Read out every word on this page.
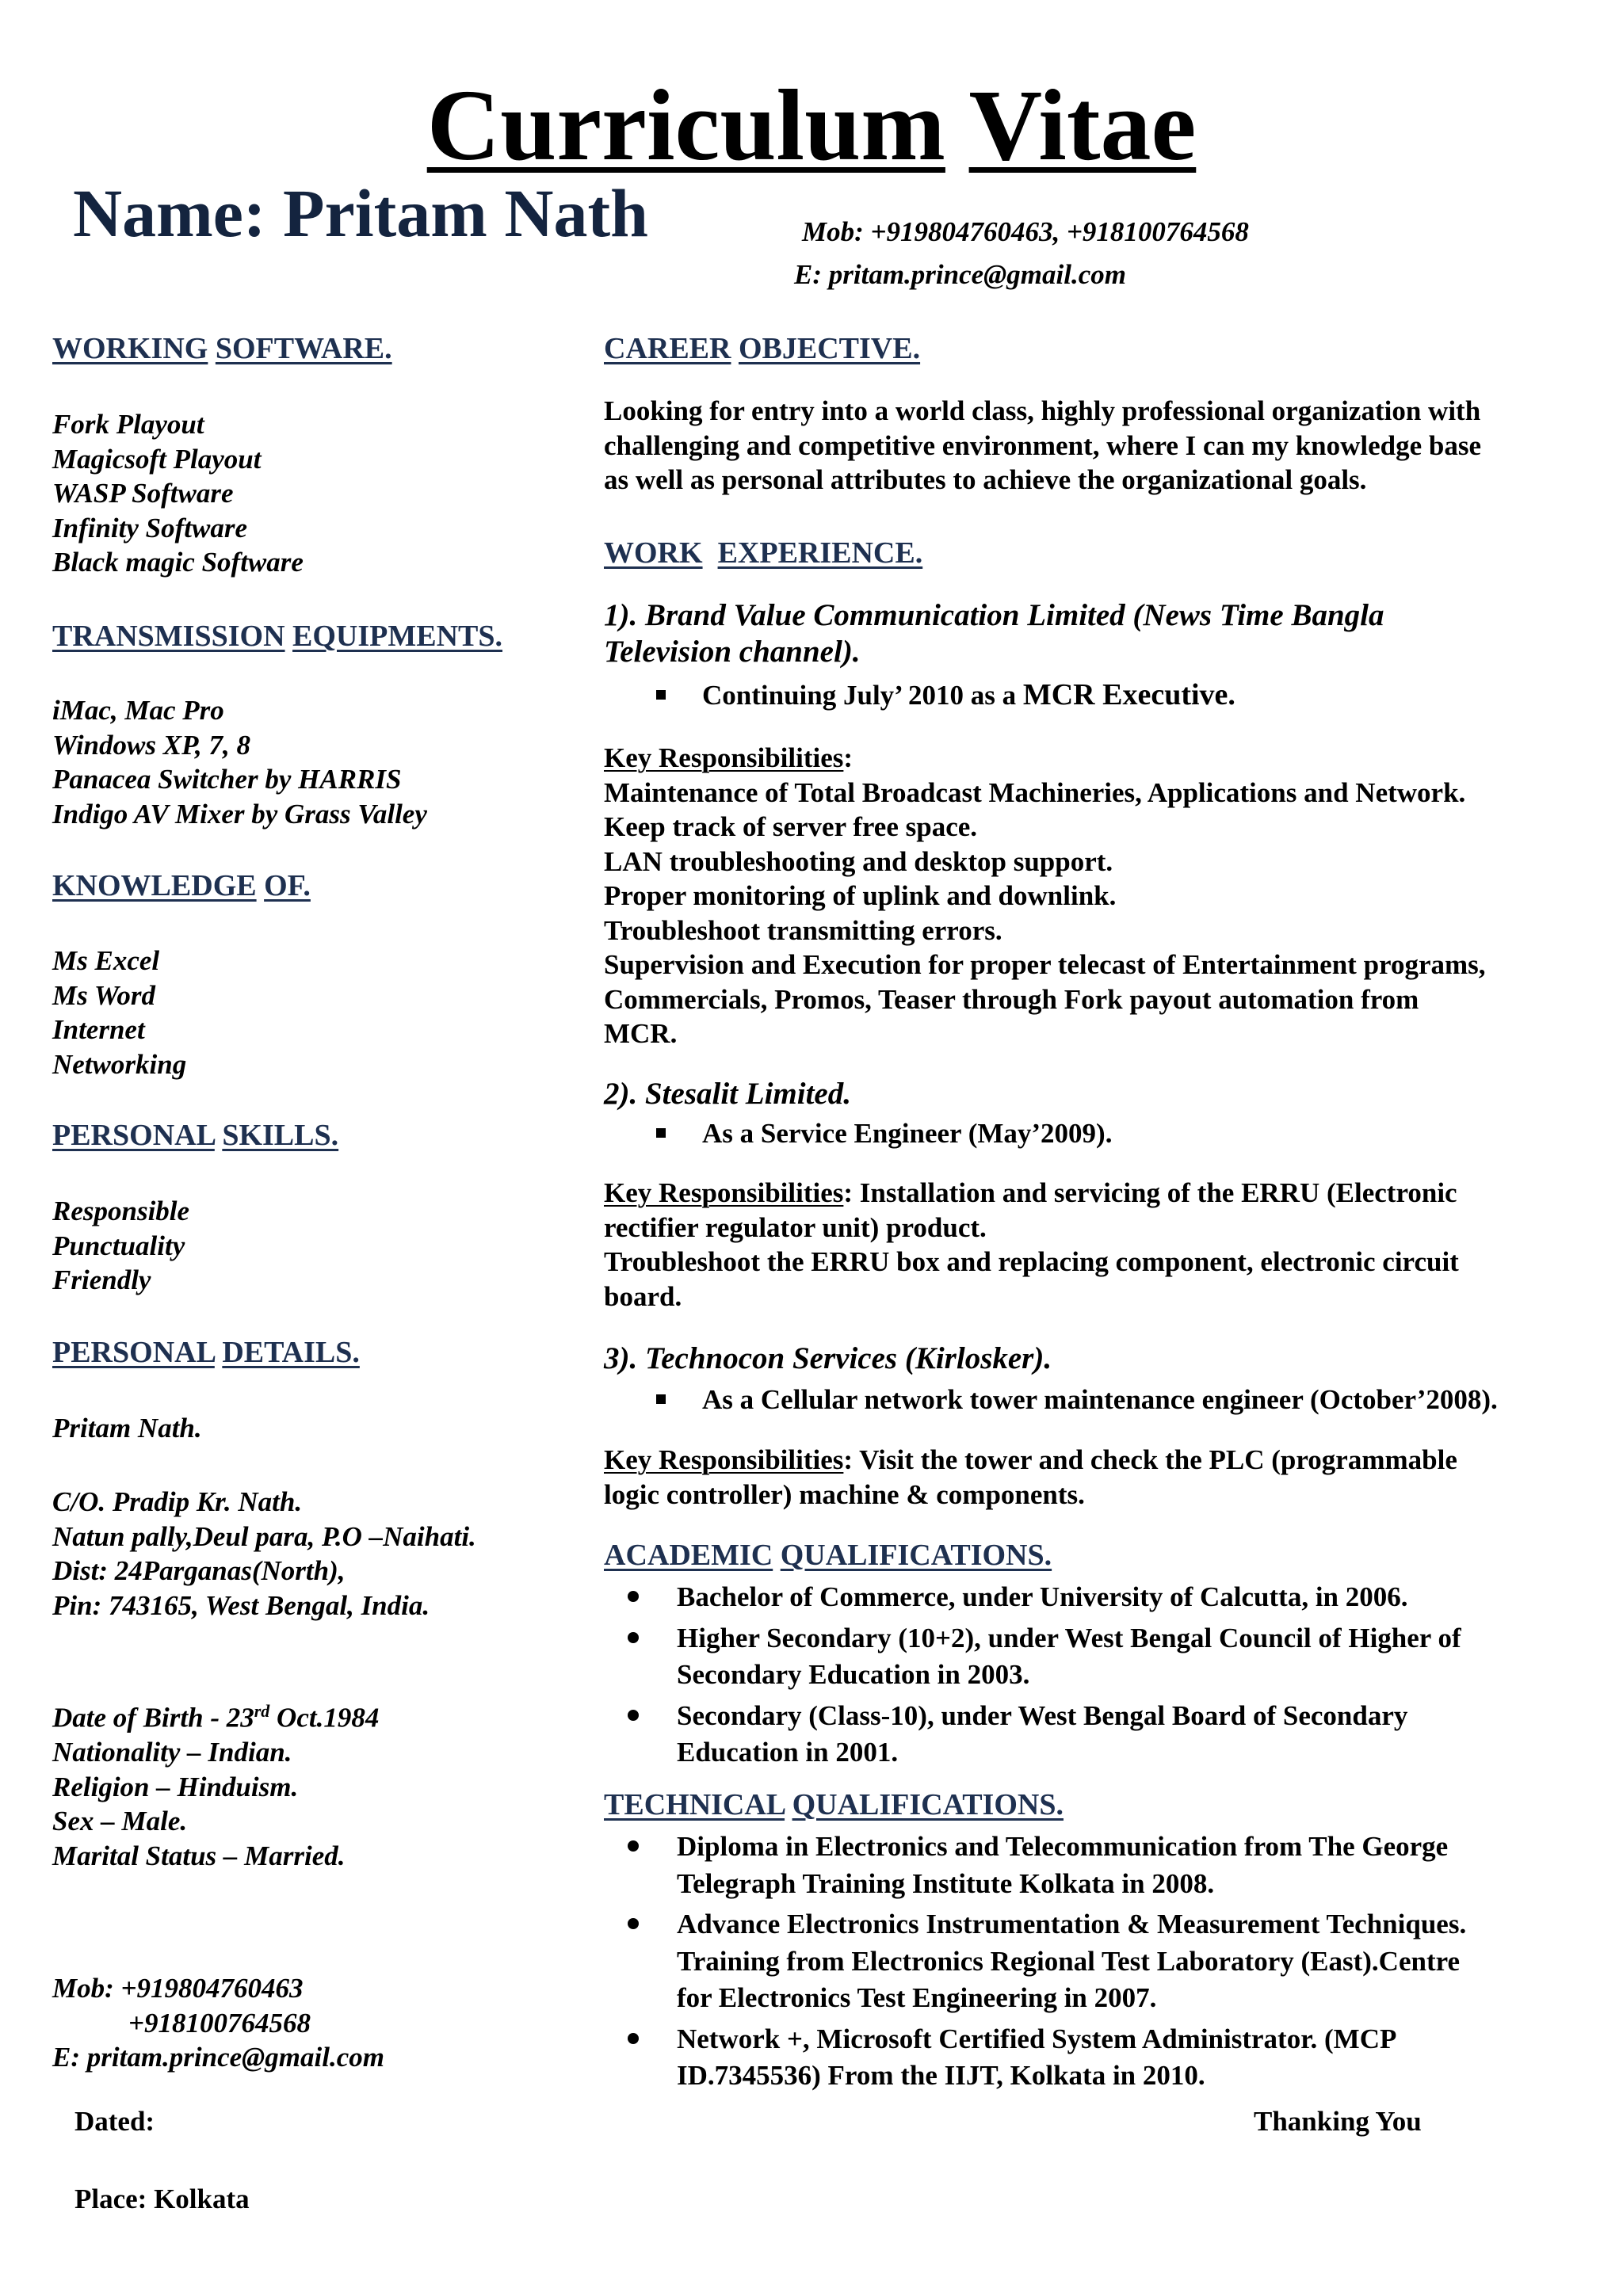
Curriculum Vitae
Name: Pritam Nath	Mob: +919804760463, +918100764568
E: pritam.prince@gmail.com
WORKING SOFTWARE.
Fork Playout
Magicsoft Playout
WASP Software
Infinity Software
Black magic Software
TRANSMISSION EQUIPMENTS.
iMac, Mac Pro
Windows XP, 7, 8
Panacea Switcher by HARRIS
Indigo AV Mixer by Grass Valley
KNOWLEDGE OF.
Ms Excel
Ms Word
Internet
Networking
PERSONAL SKILLS.
Responsible
Punctuality
Friendly
PERSONAL DETAILS.
Pritam Nath.
C/O. Pradip Kr. Nath.
Natun pally,Deul para, P.O –Naihati.
Dist: 24Parganas(North),
Pin: 743165, West Bengal, India.
Date of Birth - 23rd Oct.1984
Nationality – Indian.
Religion – Hinduism.
Sex – Male.
Marital Status – Married.
Mob: +919804760463
+918100764568
E: pritam.prince@gmail.com
CAREER OBJECTIVE.
Looking for entry into a world class, highly professional organization with
challenging and competitive environment, where I can my knowledge base
as well as personal attributes to achieve the organizational goals.
WORK EXPERIENCE.
1). Brand Value Communication Limited (News Time Bangla
Television channel).
Continuing July’ 2010 as a MCR Executive.
Key Responsibilities:
Maintenance of Total Broadcast Machineries, Applications and Network.
Keep track of server free space.
LAN troubleshooting and desktop support.
Proper monitoring of uplink and downlink.
Troubleshoot transmitting errors.
Supervision and Execution for proper telecast of Entertainment programs,
Commercials, Promos, Teaser through Fork payout automation from
MCR.
2). Stesalit Limited.
As a Service Engineer (May’2009).
Key Responsibilities: Installation and servicing of the ERRU (Electronic
rectifier regulator unit) product.
Troubleshoot the ERRU box and replacing component, electronic circuit
board.
3). Technocon Services (Kirlosker).
As a Cellular network tower maintenance engineer (October’2008).
Key Responsibilities: Visit the tower and check the PLC (programmable
logic controller) machine & components.
ACADEMIC QUALIFICATIONS.
Bachelor of Commerce, under University of Calcutta, in 2006.
Higher Secondary (10+2), under West Bengal Council of Higher of
Secondary Education in 2003.
Secondary (Class-10), under West Bengal Board of Secondary
Education in 2001.
TECHNICAL QUALIFICATIONS.
Diploma in Electronics and Telecommunication from The George
Telegraph Training Institute Kolkata in 2008.
Advance Electronics Instrumentation & Measurement Techniques.
Training from Electronics Regional Test Laboratory (East).Centre
for Electronics Test Engineering in 2007.
Network +, Microsoft Certified System Administrator. (MCP
ID.7345536) From the IIJT, Kolkata in 2010.
Dated:
Place: Kolkata
Thanking You
